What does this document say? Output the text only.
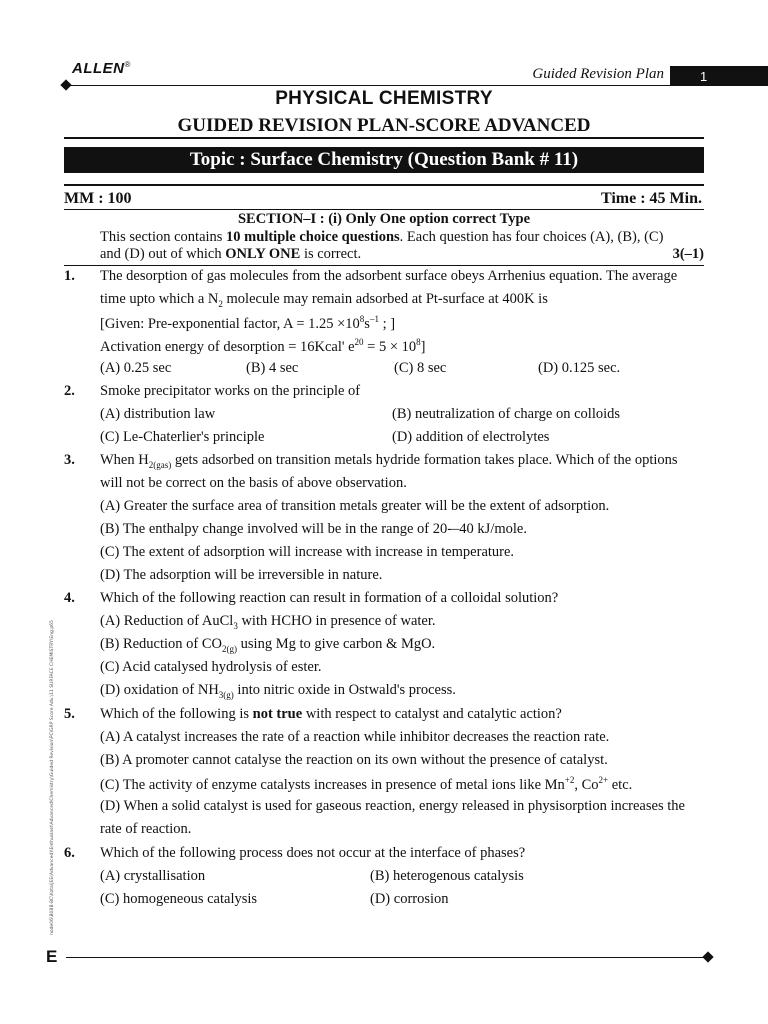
ALLEN®
Guided Revision Plan	1
PHYSICAL CHEMISTRY
GUIDED REVISION PLAN-SCORE ADVANCED
Topic : Surface Chemistry (Question Bank # 11)
MM : 100	Time : 45 Min.
SECTION–I : (i) Only One option correct Type
This section contains 10 multiple choice questions. Each question has four choices (A), (B), (C)
and (D) out of which ONLY ONE is correct.	3(–1)
1. The desorption of gas molecules from the adsorbent surface obeys Arrhenius equation. The average
time upto which a $N_2$ molecule may remain adsorbed at Pt-surface at 400K is
[Given: Pre-exponential factor, $A = 1.25 \times 10^8s^{-1}$ ; ]
Activation energy of desorption = 16Kcal' $e^{20} = 5 \times 10^8$]
(A) 0.25 sec	(B) 4 sec	(C) 8 sec	(D) 0.125 sec.
2. Smoke precipitator works on the principle of
(A) distribution law	(B) neutralization of charge on colloids
(C) Le-Chaterlier's principle	(D) addition of electrolytes
3. When $H_{2(gas)}$ gets adsorbed on transition metals hydride formation takes place. Which of the options
will not be correct on the basis of above observation.
(A) Greater the surface area of transition metals greater will be the extent of adsorption.
(B) The enthalpy change involved will be in the range of 20-–40 kJ/mole.
(C) The extent of adsorption will increase with increase in temperature.
(D) The adsorption will be irreversible in nature.
4. Which of the following reaction can result in formation of a colloidal solution?
(A) Reduction of AuCl$_3$ with HCHO in presence of water.
(B) Reduction of $CO_{2(g)}$ using Mg to give carbon & MgO.
(C) Acid catalysed hydrolysis of ester.
(D) oxidation of $NH_{3(g)}$ into nitric oxide in Ostwald's process.
5. Which of the following is not true with respect to catalyst and catalytic action?
(A) A catalyst increases the rate of a reaction while inhibitor decreases the reaction rate.
(B) A promoter cannot catalyse the reaction on its own without the presence of catalyst.
(C) The activity of enzyme catalysts increases in presence of metal ions like $Mn^{+2}$, $Co^{2+}$ etc.
(D) When a solid catalyst is used for gaseous reaction, energy released in physisorption increases the
rate of reaction.
6. Which of the following process does not occur at the interface of phases?
(A) crystallisation	(B) heterogenous catalysis
(C) homogeneous catalysis	(D) corrosion
node06\B0BB-BC\Kota\JEE(Advanced)\Enthusiast\Advanced\Chemistry\Guided Revision\PC\GRP Score Adv.\11 SURFACE CHEMISTRY\Eng.p65
E
